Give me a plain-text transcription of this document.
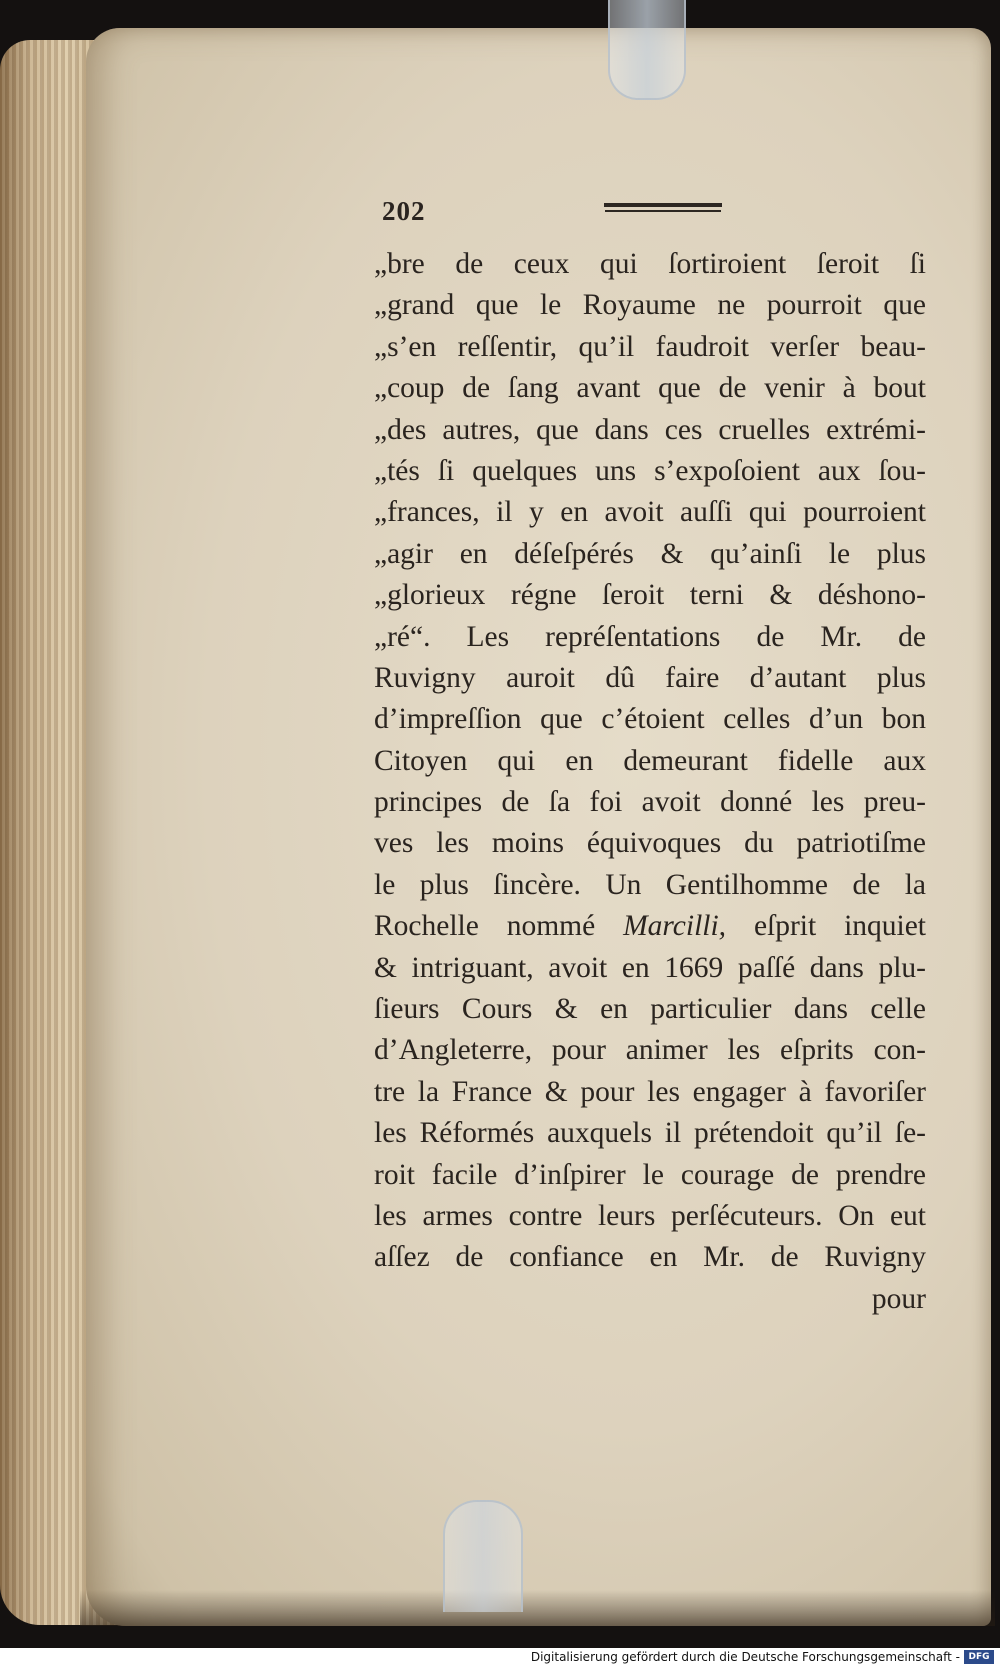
202
„bre de ceux qui ſortiroient ſeroit ſi
„grand que le Royaume ne pourroit que
„s’en reſſentir, qu’il faudroit verſer beau-
„coup de ſang avant que de venir à bout
„des autres, que dans ces cruelles extrémi-
„tés ſi quelques uns s’expoſoient aux ſou-
„frances, il y en avoit auſſi qui pourroient
„agir en déſeſpérés & qu’ainſi le plus
„glorieux régne ſeroit terni & déshono-
„ré“. Les repréſentations de Mr. de
Ruvigny auroit dû faire d’autant plus
d’impreſſion que c’étoient celles d’un bon
Citoyen qui en demeurant fidelle aux
principes de ſa foi avoit donné les preu-
ves les moins équivoques du patriotiſme
le plus ſincère. Un Gentilhomme de la
Rochelle nommé Marcilli, eſprit inquiet
& intriguant, avoit en 1669 paſſé dans plu-
ſieurs Cours & en particulier dans celle
d’Angleterre, pour animer les eſprits con-
tre la France & pour les engager à favoriſer
les Réformés auxquels il prétendoit qu’il ſe-
roit facile d’inſpirer le courage de prendre
les armes contre leurs perſécuteurs. On eut
aſſez de confiance en Mr. de Ruvigny
pour
Digitalisierung gefördert durch die Deutsche Forschungsgemeinschaft - DFG
